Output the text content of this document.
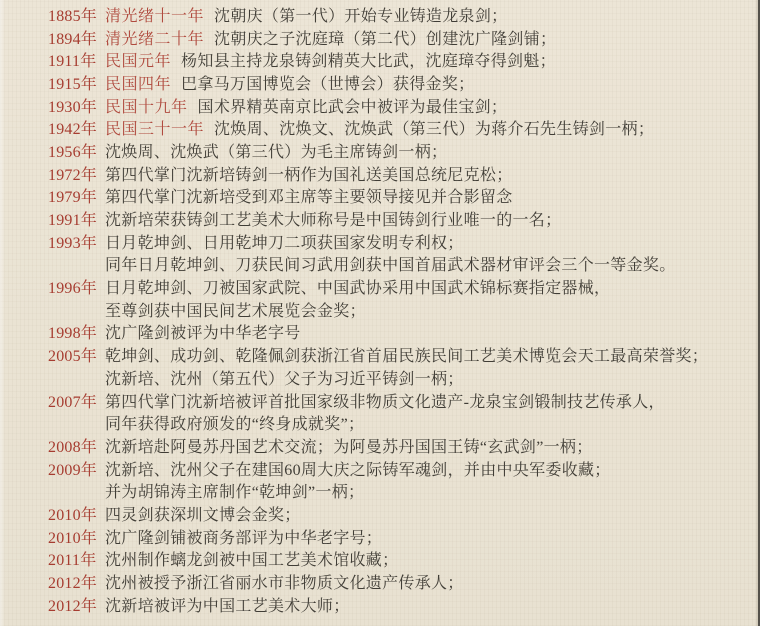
1885年 清光绪十一年 沈朝庆（第一代）开始专业铸造龙泉剑；
1894年 清光绪二十年 沈朝庆之子沈庭璋（第二代）创建沈广隆剑铺；
1911年 民国元年 杨知县主持龙泉铸剑精英大比武，沈庭璋夺得剑魁；
1915年 民国四年 巴拿马万国博览会（世博会）获得金奖；
1930年 民国十九年 国术界精英南京比武会中被评为最佳宝剑；
1942年 民国三十一年 沈焕周、沈焕文、沈焕武（第三代）为蒋介石先生铸剑一柄；
1956年 沈焕周、沈焕武（第三代）为毛主席铸剑一柄；
1972年 第四代掌门沈新培铸剑一柄作为国礼送美国总统尼克松；
1979年 第四代掌门沈新培受到邓主席等主要领导接见并合影留念
1991年 沈新培荣获铸剑工艺美术大师称号是中国铸剑行业唯一的一名；
1993年 日月乾坤剑、日用乾坤刀二项获国家发明专利权；
同年日月乾坤剑、刀获民间习武用剑获中国首届武术器材审评会三个一等金奖。
1996年 日月乾坤剑、刀被国家武院、中国武协采用中国武术锦标赛指定器械，
至尊剑获中国民间艺术展览会金奖；
1998年 沈广隆剑被评为中华老字号
2005年 乾坤剑、成功剑、乾隆佩剑获浙江省首届民族民间工艺美术博览会天工最高荣誉奖；
沈新培、沈州（第五代）父子为习近平铸剑一柄；
2007年 第四代掌门沈新培被评首批国家级非物质文化遗产-龙泉宝剑锻制技艺传承人，
同年获得政府颁发的“终身成就奖”；
2008年 沈新培赴阿曼苏丹国艺术交流；为阿曼苏丹国国王铸“玄武剑”一柄；
2009年 沈新培、沈州父子在建国60周大庆之际铸军魂剑，并由中央军委收藏；
并为胡锦涛主席制作“乾坤剑”一柄；
2010年 四灵剑获深圳文博会金奖；
2010年 沈广隆剑铺被商务部评为中华老字号；
2011年 沈州制作螭龙剑被中国工艺美术馆收藏；
2012年 沈州被授予浙江省丽水市非物质文化遗产传承人；
2012年 沈新培被评为中国工艺美术大师；
